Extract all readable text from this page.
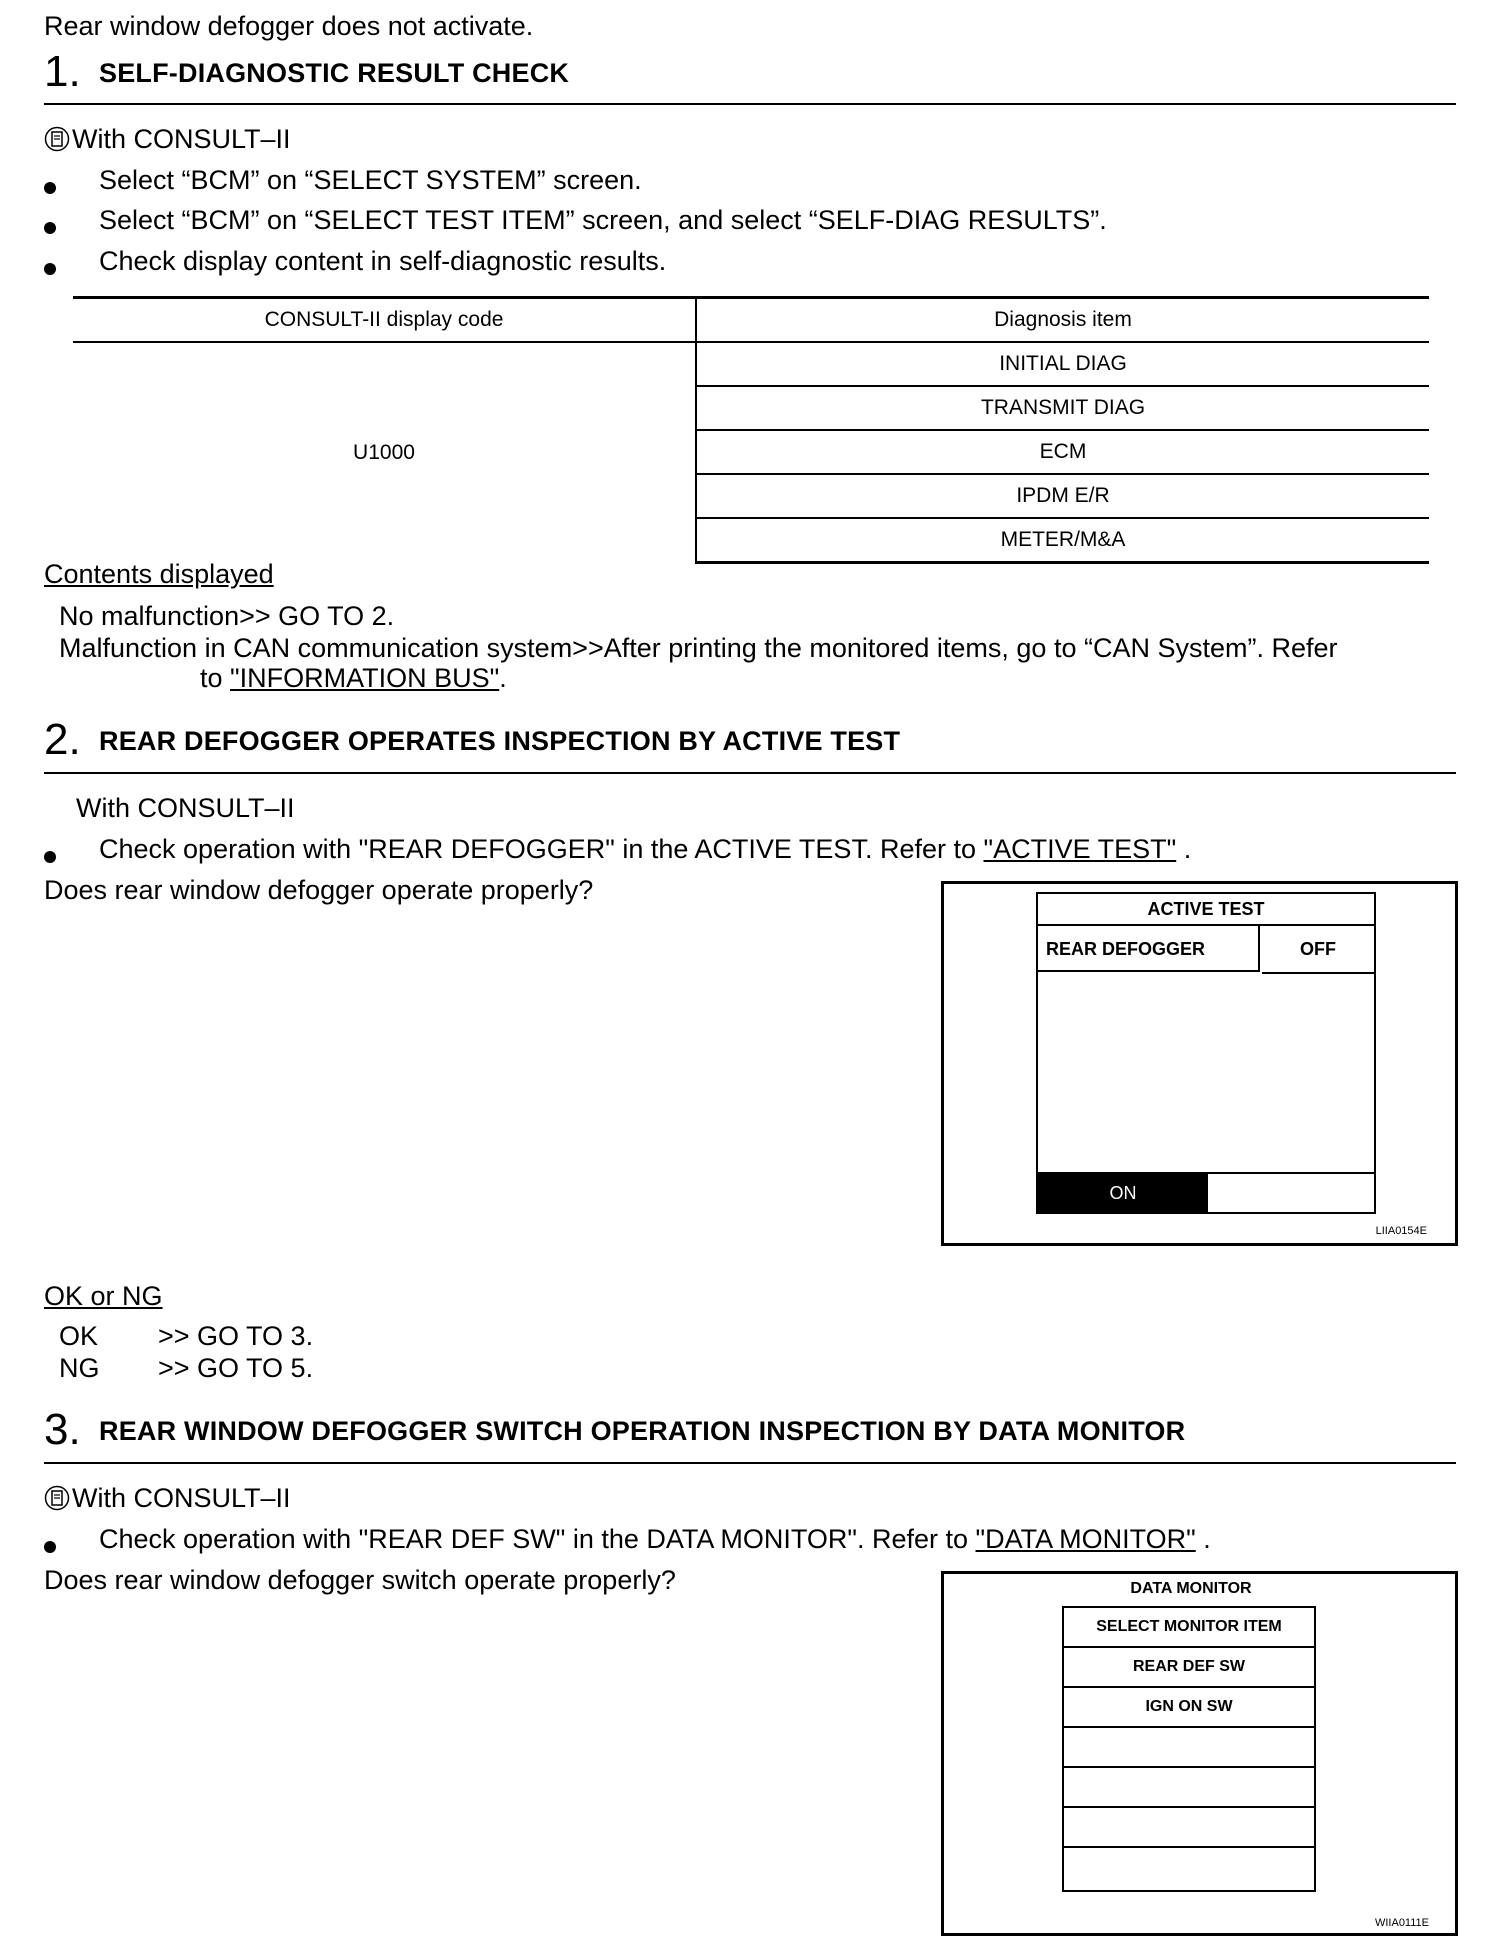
Rear window defogger does not activate.
1. SELF-DIAGNOSTIC RESULT CHECK
With CONSULT–II
Select “BCM” on “SELECT SYSTEM” screen.
Select “BCM” on “SELECT TEST ITEM” screen, and select “SELF-DIAG RESULTS”.
Check display content in self-diagnostic results.
CONSULT-II display code	Diagnosis item
U1000	INITIAL DIAG
	TRANSMIT DIAG
	ECM
	IPDM E/R
	METER/M&A
Contents displayed
No malfunction>> GO TO 2.
Malfunction in CAN communication system>>After printing the monitored items, go to “CAN System”. Refer
to "INFORMATION BUS".
2. REAR DEFOGGER OPERATES INSPECTION BY ACTIVE TEST
With CONSULT–II
Check operation with "REAR DEFOGGER" in the ACTIVE TEST. Refer to "ACTIVE TEST" .
Does rear window defogger operate properly?
ACTIVE TEST
REAR DEFOGGER	OFF
ON
LIIA0154E
OK or NG
OK >> GO TO 3.
NG >> GO TO 5.
3. REAR WINDOW DEFOGGER SWITCH OPERATION INSPECTION BY DATA MONITOR
With CONSULT–II
Check operation with "REAR DEF SW" in the DATA MONITOR". Refer to "DATA MONITOR" .
Does rear window defogger switch operate properly?	DATA MONITOR
SELECT MONITOR ITEM
REAR DEF SW
IGN ON SW
WIIA0111E
